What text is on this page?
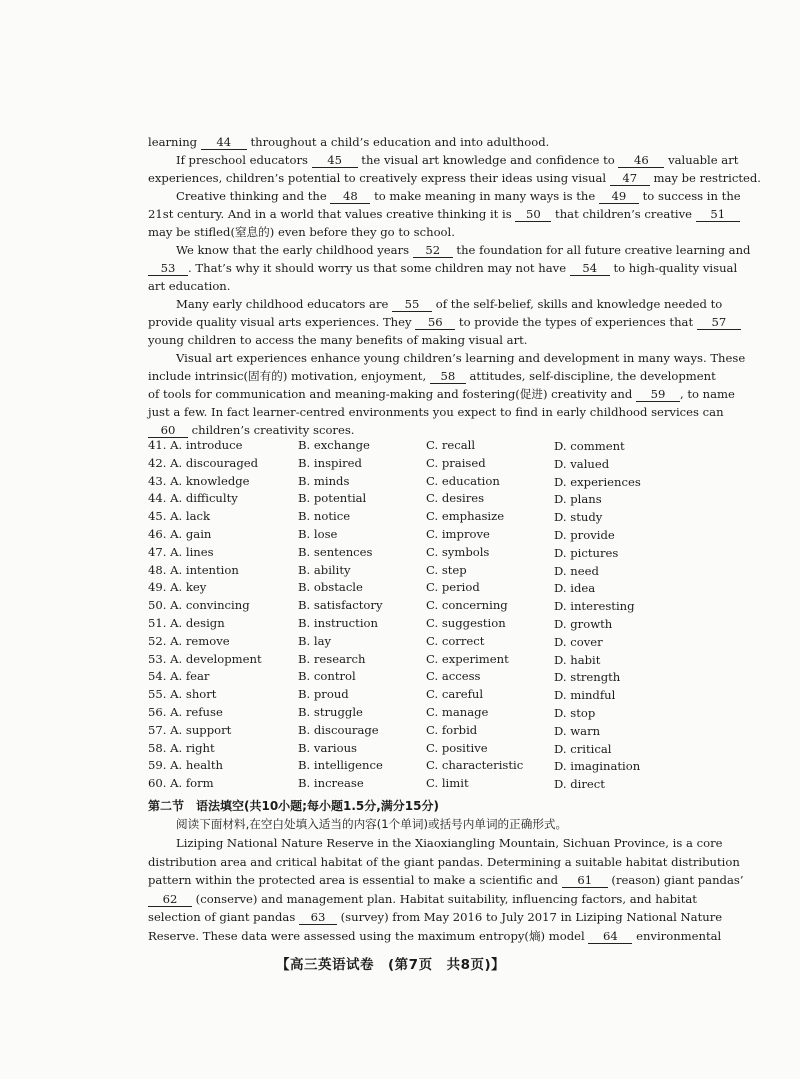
learning 44 throughout a child’s education and into adulthood.
If preschool educators 45 the visual art knowledge and confidence to 46 valuable art
experiences, children’s potential to creatively express their ideas using visual 47 may be restricted.
Creative thinking and the 48 to make meaning in many ways is the 49 to success in the
21st century. And in a world that values creative thinking it is 50 that children’s creative 51
may be stifled(窒息的) even before they go to school.
We know that the early childhood years 52 the foundation for all future creative learning and
53 . That’s why it should worry us that some children may not have 54 to high-quality visual
art education.
Many early childhood educators are 55 of the self-belief, skills and knowledge needed to
provide quality visual arts experiences. They 56 to provide the types of experiences that 57
young children to access the many benefits of making visual art.
Visual art experiences enhance young children’s learning and development in many ways. These
include intrinsic(固有的) motivation, enjoyment, 58 attitudes, self-discipline, the development
of tools for communication and meaning-making and fostering(促进) creativity and 59 , to name
just a few. In fact learner-centred environments you expect to find in early childhood services can
60 children’s creativity scores.
41. A. introduce	B. exchange	C. recall	D. comment
42. A. discouraged	B. inspired	C. praised	D. valued
43. A. knowledge	B. minds	C. education	D. experiences
44. A. difficulty	B. potential	C. desires	D. plans
45. A. lack	B. notice	C. emphasize	D. study
46. A. gain	B. lose	C. improve	D. provide
47. A. lines	B. sentences	C. symbols	D. pictures
48. A. intention	B. ability	C. step	D. need
49. A. key	B. obstacle	C. period	D. idea
50. A. convincing	B. satisfactory	C. concerning	D. interesting
51. A. design	B. instruction	C. suggestion	D. growth
52. A. remove	B. lay	C. correct	D. cover
53. A. development	B. research	C. experiment	D. habit
54. A. fear	B. control	C. access	D. strength
55. A. short	B. proud	C. careful	D. mindful
56. A. refuse	B. struggle	C. manage	D. stop
57. A. support	B. discourage	C. forbid	D. warn
58. A. right	B. various	C. positive	D. critical
59. A. health	B. intelligence	C. characteristic	D. imagination
60. A. form	B. increase	C. limit	D. direct
第二节　语法填空(共10小题;每小题1.5分,满分15分)
阅读下面材料,在空白处填入适当的内容(1个单词)或括号内单词的正确形式。
Liziping National Nature Reserve in the Xiaoxiangling Mountain, Sichuan Province, is a core
distribution area and critical habitat of the giant pandas. Determining a suitable habitat distribution
pattern within the protected area is essential to make a scientific and 61 (reason) giant pandas’
62 (conserve) and management plan. Habitat suitability, influencing factors, and habitat
selection of giant pandas 63 (survey) from May 2016 to July 2017 in Liziping National Nature
Reserve. These data were assessed using the maximum entropy(熵) model 64 environmental
【高三英语试卷　(第7页　共8页)】
